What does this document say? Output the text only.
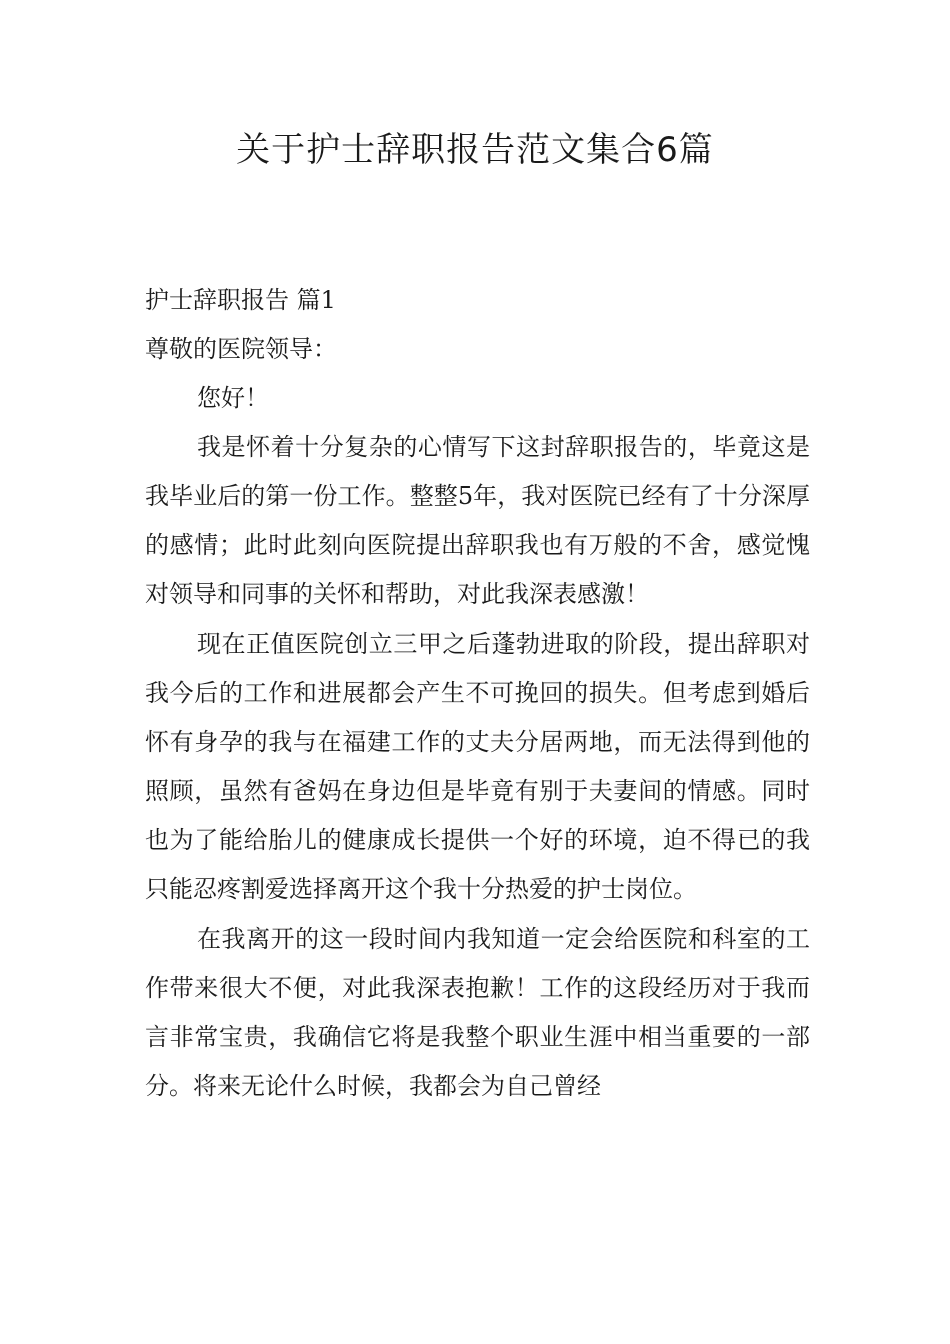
关于护士辞职报告范文集合6篇

护士辞职报告 篇1

尊敬的医院领导：

您好！

我是怀着十分复杂的心情写下这封辞职报告的，毕竟这是我毕业后的第一份工作。整整5年，我对医院已经有了十分深厚的感情；此时此刻向医院提出辞职我也有万般的不舍，感觉愧对领导和同事的关怀和帮助，对此我深表感激！

现在正值医院创立三甲之后蓬勃进取的阶段，提出辞职对我今后的工作和进展都会产生不可挽回的损失。但考虑到婚后怀有身孕的我与在福建工作的丈夫分居两地，而无法得到他的照顾，虽然有爸妈在身边但是毕竟有别于夫妻间的情感。同时也为了能给胎儿的健康成长提供一个好的环境，迫不得已的我只能忍疼割爱选择离开这个我十分热爱的护士岗位。

在我离开的这一段时间内我知道一定会给医院和科室的工作带来很大不便，对此我深表抱歉！工作的这段经历对于我而言非常宝贵，我确信它将是我整个职业生涯中相当重要的一部分。将来无论什么时候，我都会为自己曾经
